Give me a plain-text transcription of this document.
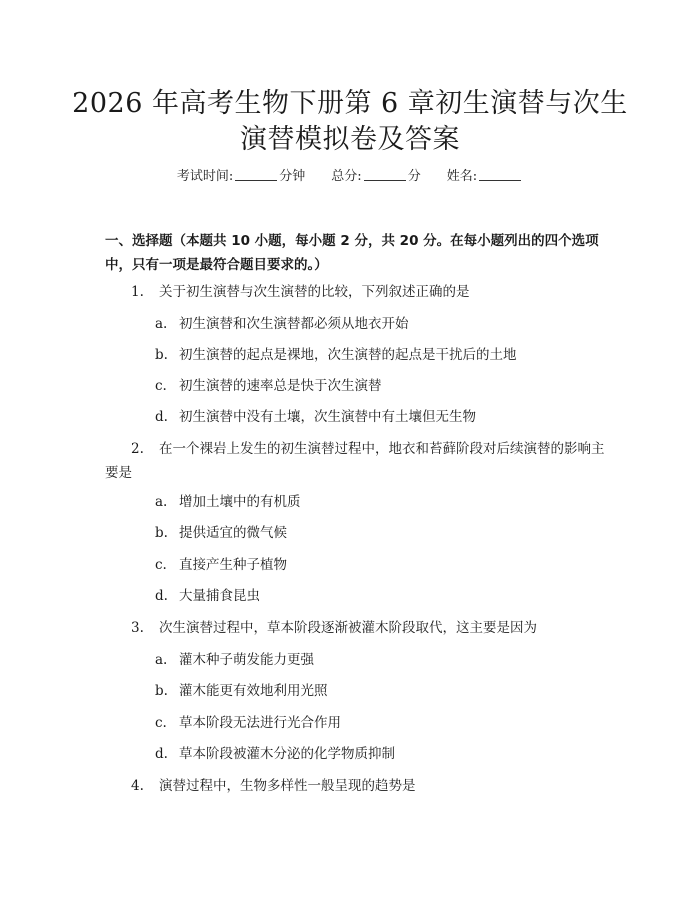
2026 年高考生物下册第 6 章初生演替与次生
演替模拟卷及答案
考试时间:	分钟 总分:	分 姓名:
一、选择题（本题共 10 小题，每小题 2 分，共 20 分。在每小题列出的四个选项中，只有一项是最符合题目要求的。）
1. 关于初生演替与次生演替的比较，下列叙述正确的是
a. 初生演替和次生演替都必须从地衣开始
b. 初生演替的起点是裸地，次生演替的起点是干扰后的土地
c. 初生演替的速率总是快于次生演替
d. 初生演替中没有土壤，次生演替中有土壤但无生物
2. 在一个裸岩上发生的初生演替过程中，地衣和苔藓阶段对后续演替的影响主要是
a. 增加土壤中的有机质
b. 提供适宜的微气候
c. 直接产生种子植物
d. 大量捕食昆虫
3. 次生演替过程中，草本阶段逐渐被灌木阶段取代，这主要是因为
a. 灌木种子萌发能力更强
b. 灌木能更有效地利用光照
c. 草本阶段无法进行光合作用
d. 草本阶段被灌木分泌的化学物质抑制
4. 演替过程中，生物多样性一般呈现的趋势是
